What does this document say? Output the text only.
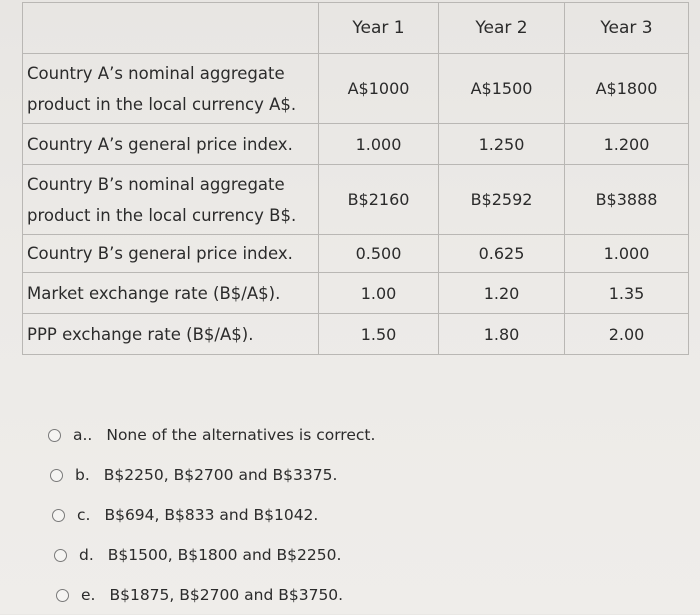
	Year 1	Year 2	Year 3

Country A’s nominal aggregate
product in the local currency A$.	A$1000	A$1500	A$1800

Country A’s general price index.	1.000	1.250	1.200

Country B’s nominal aggregate
product in the local currency B$.	B$2160	B$2592	B$3888

Country B’s general price index.	0.500	0.625	1.000

Market exchange rate (B$/A$).	1.00	1.20	1.35

PPP exchange rate (B$/A$).	1.50	1.80	2.00
a.. None of the alternatives is correct.
b. B$2250, B$2700 and B$3375.
c. B$694, B$833 and B$1042.
d. B$1500, B$1800 and B$2250.
e. B$1875, B$2700 and B$3750.
